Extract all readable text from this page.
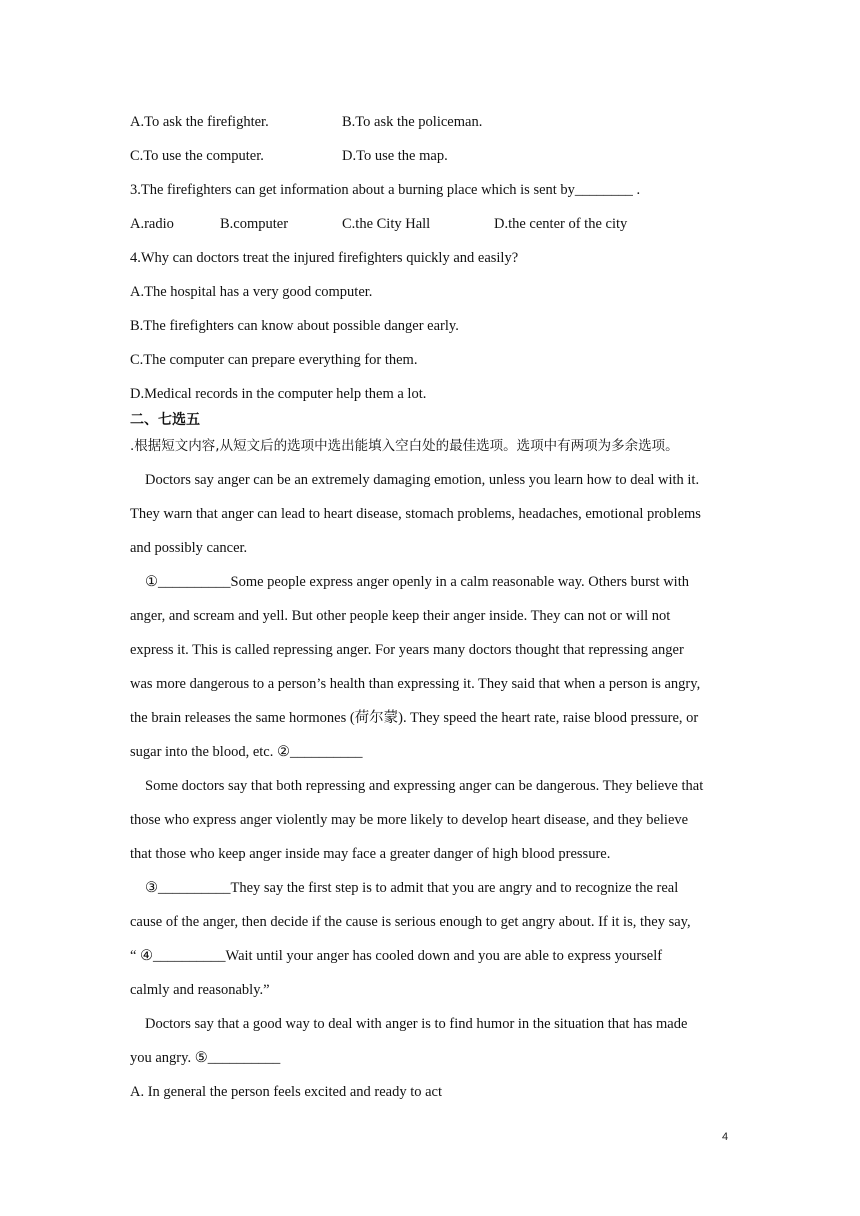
A.To ask the firefighter.	B.To ask the policeman.
C.To use the computer.	D.To use the map.
3.The firefighters can get information about a burning place which is sent by________ .
A.radio	B.computer	C.the City Hall	D.the center of the city
4.Why can doctors treat the injured firefighters quickly and easily?
A.The hospital has a very good computer.
B.The firefighters can know about possible danger early.
C.The computer can prepare everything for them.
D.Medical records in the computer help them a lot.
二、七选五
.根据短文内容,从短文后的选项中选出能填入空白处的最佳选项。选项中有两项为多余选项。
Doctors say anger can be an extremely damaging emotion, unless you learn how to deal with it.
They warn that anger can lead to heart disease, stomach problems, headaches, emotional problems
and possibly cancer.
①__________Some people express anger openly in a calm reasonable way. Others burst with
anger, and scream and yell. But other people keep their anger inside. They can not or will not
express it. This is called repressing anger. For years many doctors thought that repressing anger
was more dangerous to a person’s health than expressing it. They said that when a person is angry,
the brain releases the same hormones (荷尔蒙). They speed the heart rate, raise blood pressure, or
sugar into the blood, etc. ②__________
Some doctors say that both repressing and expressing anger can be dangerous. They believe that
those who express anger violently may be more likely to develop heart disease, and they believe
that those who keep anger inside may face a greater danger of high blood pressure.
③__________They say the first step is to admit that you are angry and to recognize the real
cause of the anger, then decide if the cause is serious enough to get angry about. If it is, they say,
“ ④__________Wait until your anger has cooled down and you are able to express yourself
calmly and reasonably.”
Doctors say that a good way to deal with anger is to find humor in the situation that has made
you angry. ⑤__________
A. In general the person feels excited and ready to act
4
